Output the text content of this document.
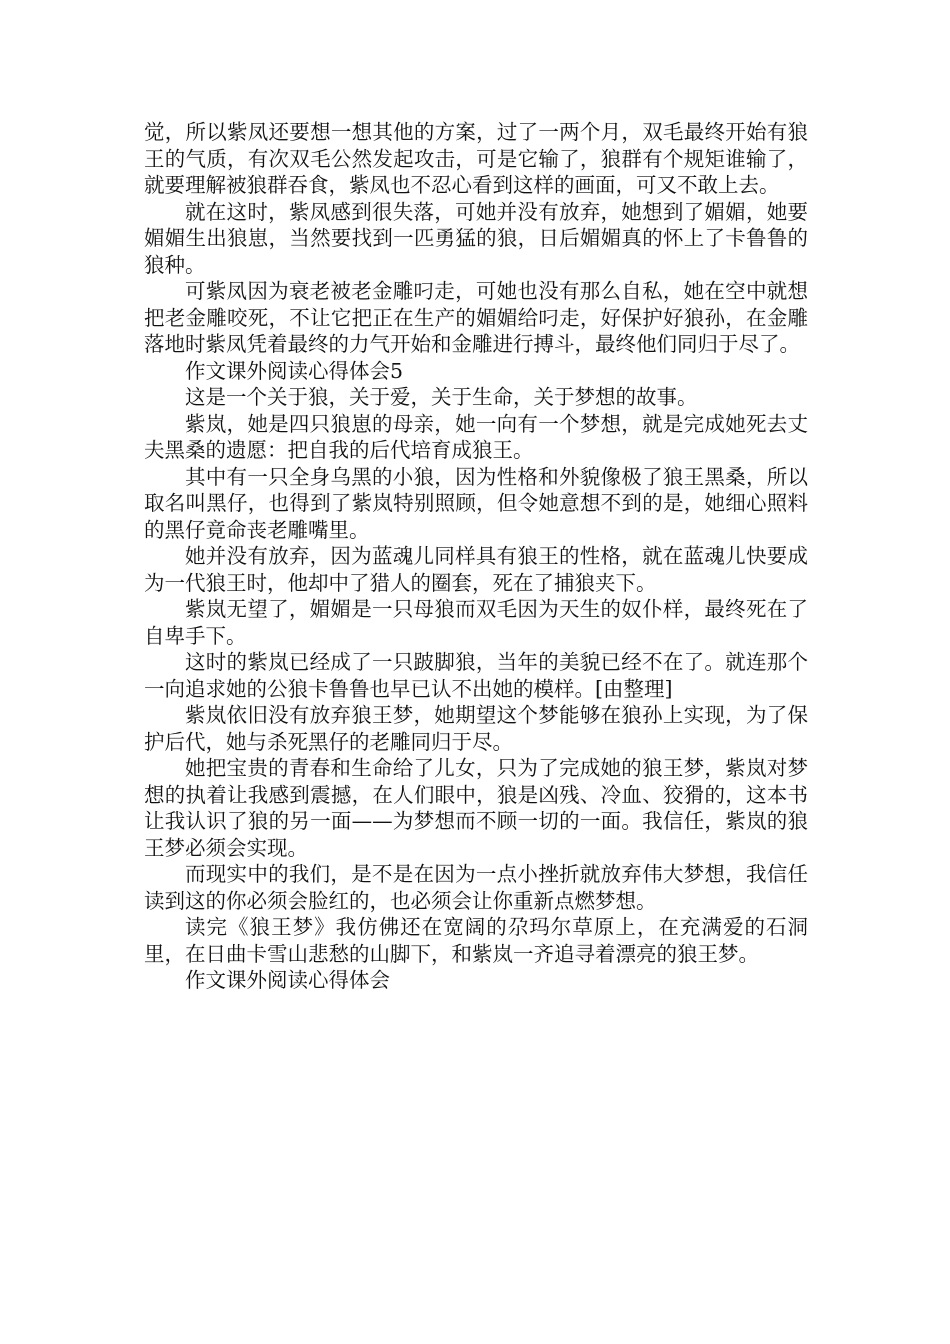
觉，所以紫凤还要想一想其他的方案，过了一两个月，双毛最终开始有狼王的气质，有次双毛公然发起攻击，可是它输了，狼群有个规矩谁输了，就要理解被狼群吞食，紫凤也不忍心看到这样的画面，可又不敢上去。

就在这时，紫凤感到很失落，可她并没有放弃，她想到了媚媚，她要媚媚生出狼崽，当然要找到一匹勇猛的狼，日后媚媚真的怀上了卡鲁鲁的狼种。

可紫凤因为衰老被老金雕叼走，可她也没有那么自私，她在空中就想把老金雕咬死，不让它把正在生产的媚媚给叼走，好保护好狼孙，在金雕落地时紫凤凭着最终的力气开始和金雕进行搏斗，最终他们同归于尽了。

作文课外阅读心得体会5

这是一个关于狼，关于爱，关于生命，关于梦想的故事。

紫岚，她是四只狼崽的母亲，她一向有一个梦想，就是完成她死去丈夫黑桑的遗愿：把自我的后代培育成狼王。

其中有一只全身乌黑的小狼，因为性格和外貌像极了狼王黑桑，所以取名叫黑仔，也得到了紫岚特别照顾，但令她意想不到的是，她细心照料的黑仔竟命丧老雕嘴里。

她并没有放弃，因为蓝魂儿同样具有狼王的性格，就在蓝魂儿快要成为一代狼王时，他却中了猎人的圈套，死在了捕狼夹下。

紫岚无望了，媚媚是一只母狼而双毛因为天生的奴仆样，最终死在了自卑手下。

这时的紫岚已经成了一只跛脚狼，当年的美貌已经不在了。就连那个一向追求她的公狼卡鲁鲁也早已认不出她的模样。[由整理]

紫岚依旧没有放弃狼王梦，她期望这个梦能够在狼孙上实现，为了保护后代，她与杀死黑仔的老雕同归于尽。

她把宝贵的青春和生命给了儿女，只为了完成她的狼王梦，紫岚对梦想的执着让我感到震撼，在人们眼中，狼是凶残、冷血、狡猾的，这本书让我认识了狼的另一面——为梦想而不顾一切的一面。我信任，紫岚的狼王梦必须会实现。

而现实中的我们，是不是在因为一点小挫折就放弃伟大梦想，我信任读到这的你必须会脸红的，也必须会让你重新点燃梦想。

读完《狼王梦》我仿佛还在宽阔的尕玛尔草原上，在充满爱的石洞里，在日曲卡雪山悲愁的山脚下，和紫岚一齐追寻着漂亮的狼王梦。

作文课外阅读心得体会
